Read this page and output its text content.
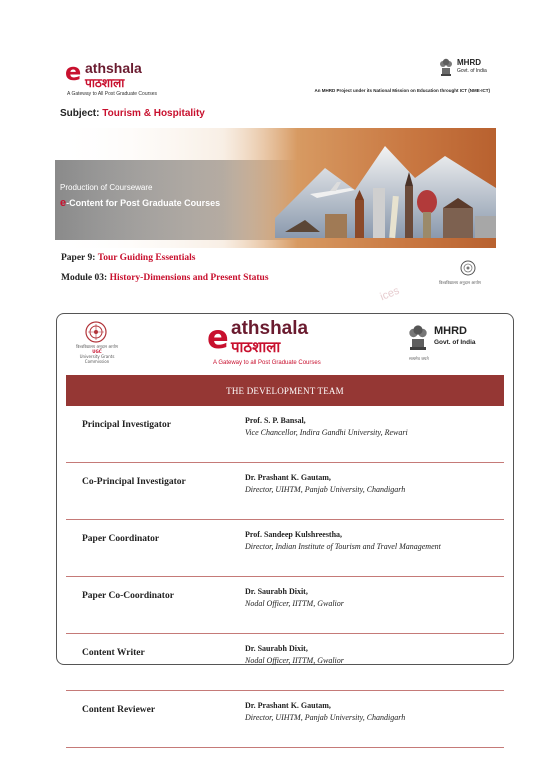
e athshala
पाठशाला
A Gateway to All Post Graduate Courses
MHRD
Govt. of India
An MHRD Project under its National Mission on Education throught ICT (NME-ICT)
Subject: Tourism & Hospitality
Production of Courseware
e-Content for Post Graduate Courses
Paper 9: Tour Guiding Essentials
Module 03: History-Dimensions and Present Status	विश्वविद्यालय अनुदान आयोग
ices
विश्वविद्यालय अनुदान आयोग
UGC
University Grants Commission
e athshala
पाठशाला
A Gateway to all Post Graduate Courses
MHRD
Govt. of India
सत्यमेव जयते
THE DEVELOPMENT TEAM	
Principal Investigator	Prof. S. P. Bansal,
Vice Chancellor, Indira Gandhi University, Rewari

Co-Principal Investigator	Dr. Prashant K. Gautam,
Director, UIHTM, Panjab University, Chandigarh

Paper Coordinator	Prof. Sandeep Kulshreestha,
Director, Indian Institute of Tourism and Travel Management

Paper Co-Coordinator	Dr. Saurabh Dixit,
Nodal Officer, IITTM, Gwalior

Content Writer	Dr. Saurabh Dixit,
Nodal Officer, IITTM, Gwalior

Content Reviewer	Dr. Prashant K. Gautam,
Director, UIHTM, Panjab University, Chandigarh
